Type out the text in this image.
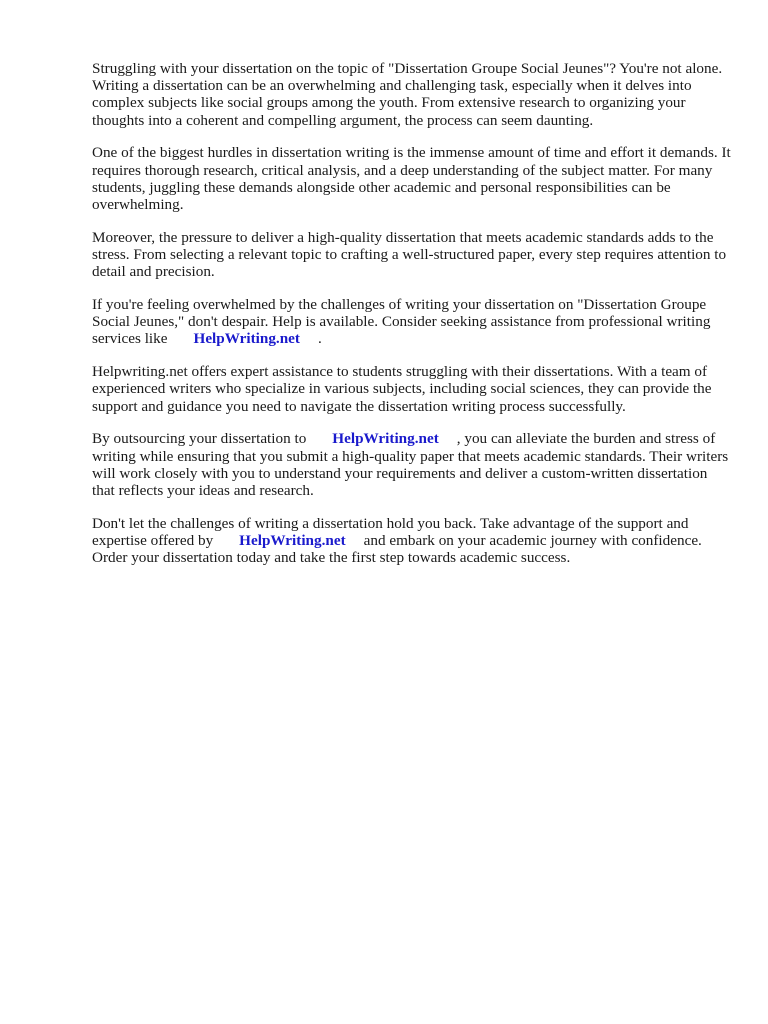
Struggling with your dissertation on the topic of "Dissertation Groupe Social Jeunes"? You're not alone. Writing a dissertation can be an overwhelming and challenging task, especially when it delves into complex subjects like social groups among the youth. From extensive research to organizing your thoughts into a coherent and compelling argument, the process can seem daunting.

One of the biggest hurdles in dissertation writing is the immense amount of time and effort it demands. It requires thorough research, critical analysis, and a deep understanding of the subject matter. For many students, juggling these demands alongside other academic and personal responsibilities can be overwhelming.

Moreover, the pressure to deliver a high-quality dissertation that meets academic standards adds to the stress. From selecting a relevant topic to crafting a well-structured paper, every step requires attention to detail and precision.

If you're feeling overwhelmed by the challenges of writing your dissertation on "Dissertation Groupe Social Jeunes," don't despair. Help is available. Consider seeking assistance from professional writing services like HelpWriting.net .

Helpwriting.net offers expert assistance to students struggling with their dissertations. With a team of experienced writers who specialize in various subjects, including social sciences, they can provide the support and guidance you need to navigate the dissertation writing process successfully.

By outsourcing your dissertation to HelpWriting.net , you can alleviate the burden and stress of writing while ensuring that you submit a high-quality paper that meets academic standards. Their writers will work closely with you to understand your requirements and deliver a custom-written dissertation that reflects your ideas and research.

Don't let the challenges of writing a dissertation hold you back. Take advantage of the support and expertise offered by HelpWriting.net and embark on your academic journey with confidence. Order your dissertation today and take the first step towards academic success.
